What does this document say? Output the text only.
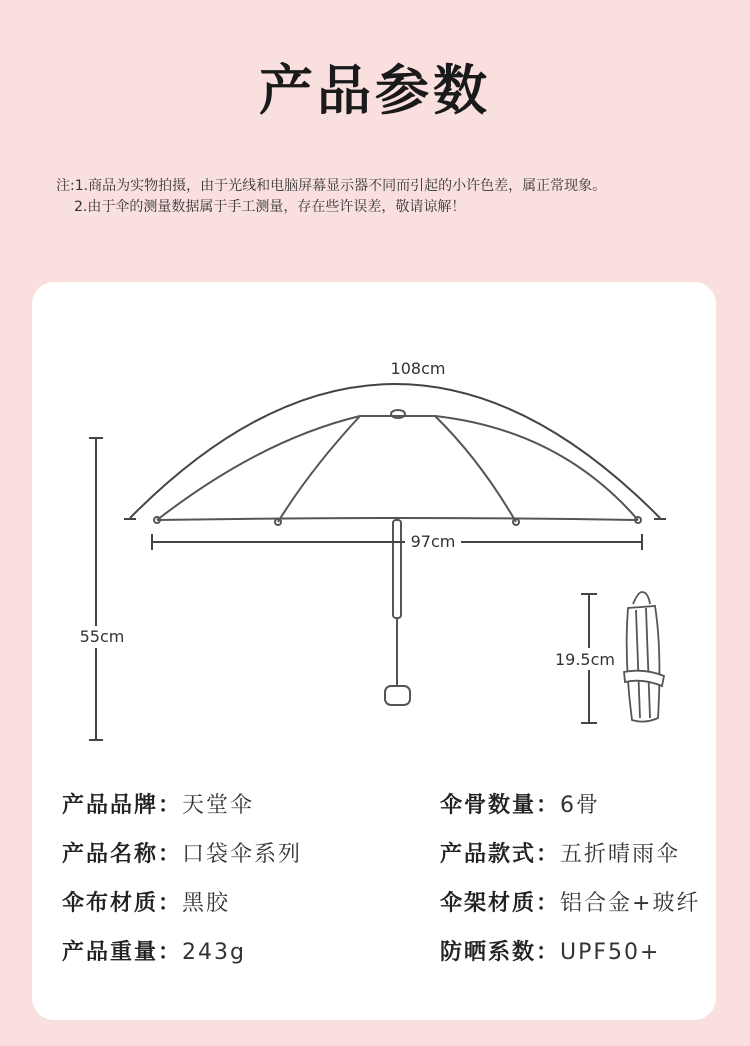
产品参数
注:1.商品为实物拍摄，由于光线和电脑屏幕显示器不同而引起的小许色差，属正常现象。
2.由于伞的测量数据属于手工测量，存在些许误差，敬请谅解！
108cm
97cm
55cm
19.5cm
产品品牌：天堂伞	伞骨数量：6骨
产品名称：口袋伞系列	产品款式：五折晴雨伞
伞布材质：黑胶	伞架材质：铝合金+玻纤
产品重量：243g	防晒系数：UPF50+
